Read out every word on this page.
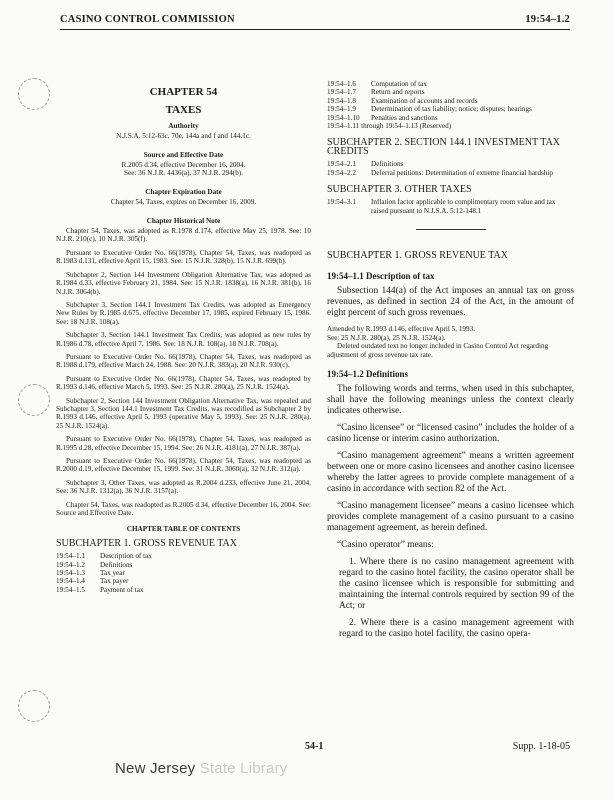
CASINO CONTROL COMMISSION	19:54–1.2
CHAPTER 54
TAXES
Authority
N.J.S.A. 5:12-63c, 70e, 144a and f and 144.1c.
Source and Effective Date
R.2005 d.34, effective December 16, 2004.
See: 36 N.J.R. 4436(a), 37 N.J.R. 294(b).
Chapter Expiration Date
Chapter 54, Taxes, expires on December 16, 2009.
Chapter Historical Note

Chapter 54, Taxes, was adopted as R.1978 d.174, effective May 25, 1978. See: 10 N.J.R. 210(c), 10 N.J.R. 305(f).

Pursuant to Executive Order No. 66(1978), Chapter 54, Taxes, was readopted as R.1983 d.131, effective April 15, 1983. See: 15 N.J.R. 328(b), 15 N.J.R. 699(b).

Subchapter 2, Section 144 Investment Obligation Alternative Tax, was adopted as R.1984 d.33, effective February 21, 1984. See: 15 N.J.R. 1838(a), 16 N.J.R. 381(b), 16 N.J.R. 3064(b).

Subchapter 3, Section 144.1 Investment Tax Credits, was adopted as Emergency New Rules by R.1985 d.675, effective December 17, 1985, expired February 15, 1986. See: 18 N.J.R. 108(a).

Subchapter 3, Section 144.1 Investment Tax Credits, was adopted as new rules by R.1986 d.78, effective April 7, 1986. See: 18 N.J.R. 108(a), 18 N.J.R. 708(a).

Pursuant to Executive Order No. 66(1978), Chapter 54, Taxes, was readopted as R.1988 d.179, effective March 24, 1988. See: 20 N.J.R. 383(a), 20 N.J.R. 930(c).

Pursuant to Executive Order No. 66(1978), Chapter 54, Taxes, was readopted by R.1993 d.146, effective March 5, 1993. See: 25 N.J.R. 280(a), 25 N.J.R. 1524(a).

Subchapter 2, Section 144 Investment Obligation Alternative Tax, was repealed and Subchapter 3, Section 144.1 Investment Tax Credits, was recodified as Subchapter 2 by R.1993 d.146, effective April 5, 1993 (operative May 5, 1993). See: 25 N.J.R. 280(a), 25 N.J.R. 1524(a).

Pursuant to Executive Order No. 66(1978), Chapter 54, Taxes, was readopted as R.1995 d.28, effective December 15, 1994. See: 26 N.J.R. 4181(a), 27 N.J.R. 387(a).

Pursuant to Executive Order No. 66(1978), Chapter 54, Taxes, was readopted as R.2000 d.19, effective December 15, 1999. See: 31 N.J.R. 3060(a), 32 N.J.R. 312(a).

Subchapter 3, Other Taxes, was adopted as R.2004 d.233, effective June 21, 2004. See: 36 N.J.R. 1312(a), 36 N.J.R. 3157(a).

Chapter 54, Taxes, was readopted as R.2005 d.34, effective December 16, 2004. See: Source and Effective Date.

CHAPTER TABLE OF CONTENTS
SUBCHAPTER 1. GROSS REVENUE TAX
19:54–1.1	Description of tax
19:54–1.2	Definitions
19:54–1.3	Tax year
19:54–1.4	Tax payer
19:54–1.5	Payment of tax
19:54–1.6	Computation of tax
19:54–1.7	Return and reports
19:54–1.8	Examination of accounts and records
19:54–1.9	Determination of tax liability; notice; disputes; hearings
19:54–1.10	Penalties and sanctions
19:54–1.11 through 19:54–1.13 (Reserved)	
SUBCHAPTER 2. SECTION 144.1 INVESTMENT TAX CREDITS
19:54–2.1	Definitions
19:54–2.2	Deferral petitions: Determination of extreme financial hardship
SUBCHAPTER 3. OTHER TAXES
19:54–3.1	Inflation factor applicable to complimentary room value and tax raised pursuant to N.J.S.A. 5:12-148.1
SUBCHAPTER 1. GROSS REVENUE TAX
19:54–1.1 Description of tax

Subsection 144(a) of the Act imposes an annual tax on gross revenues, as defined in section 24 of the Act, in the amount of eight percent of such gross revenues.

Amended by R.1993 d.146, effective April 5, 1993.
See: 25 N.J.R. 280(a), 25 N.J.R. 1524(a).
Deleted outdated text no longer included in Casino Control Act regarding adjustment of gross revenue tax rate.
19:54–1.2 Definitions

The following words and terms, when used in this subchapter, shall have the following meanings unless the context clearly indicates otherwise.

“Casino licensee” or “licensed casino” includes the holder of a casino license or interim casino authorization.

“Casino management agreement” means a written agreement between one or more casino licensees and another casino licensee whereby the latter agrees to provide complete management of a casino in accordance with section 82 of the Act.

“Casino management licensee” means a casino licensee which provides complete management of a casino pursuant to a casino management agreement, as herein defined.

“Casino operator” means:

1. Where there is no casino management agreement with regard to the casino hotel facility, the casino operator shall be the casino licensee which is responsible for submitting and maintaining the internal controls required by section 99 of the Act; or

2. Where there is a casino management agreement with regard to the casino hotel facility, the casino opera-

54-1	Supp. 1-18-05
New Jersey State Library
